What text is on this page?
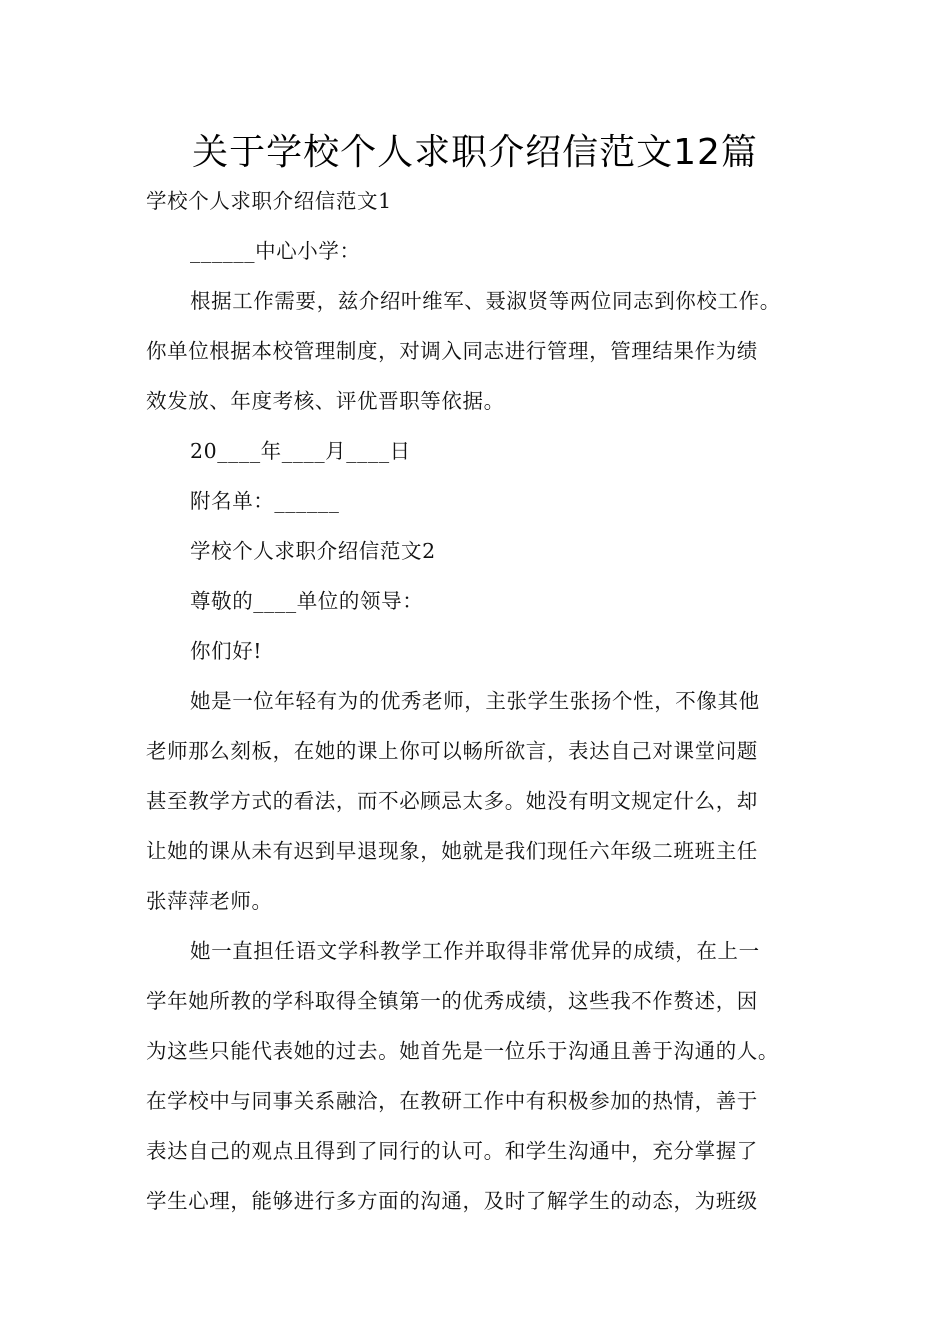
关于学校个人求职介绍信范文12篇
学校个人求职介绍信范文1
______中心小学：
根据工作需要，兹介绍叶维军、聂淑贤等两位同志到你校工作。
你单位根据本校管理制度，对调入同志进行管理，管理结果作为绩
效发放、年度考核、评优晋职等依据。
20____年____月____日
附名单：______
学校个人求职介绍信范文2
尊敬的____单位的领导：
你们好!
她是一位年轻有为的优秀老师，主张学生张扬个性，不像其他
老师那么刻板，在她的课上你可以畅所欲言，表达自己对课堂问题
甚至教学方式的看法，而不必顾忌太多。她没有明文规定什么，却
让她的课从未有迟到早退现象，她就是我们现任六年级二班班主任
张萍萍老师。
她一直担任语文学科教学工作并取得非常优异的成绩，在上一
学年她所教的学科取得全镇第一的优秀成绩，这些我不作赘述，因
为这些只能代表她的过去。她首先是一位乐于沟通且善于沟通的人。
在学校中与同事关系融洽，在教研工作中有积极参加的热情，善于
表达自己的观点且得到了同行的认可。和学生沟通中，充分掌握了
学生心理，能够进行多方面的沟通，及时了解学生的动态，为班级
